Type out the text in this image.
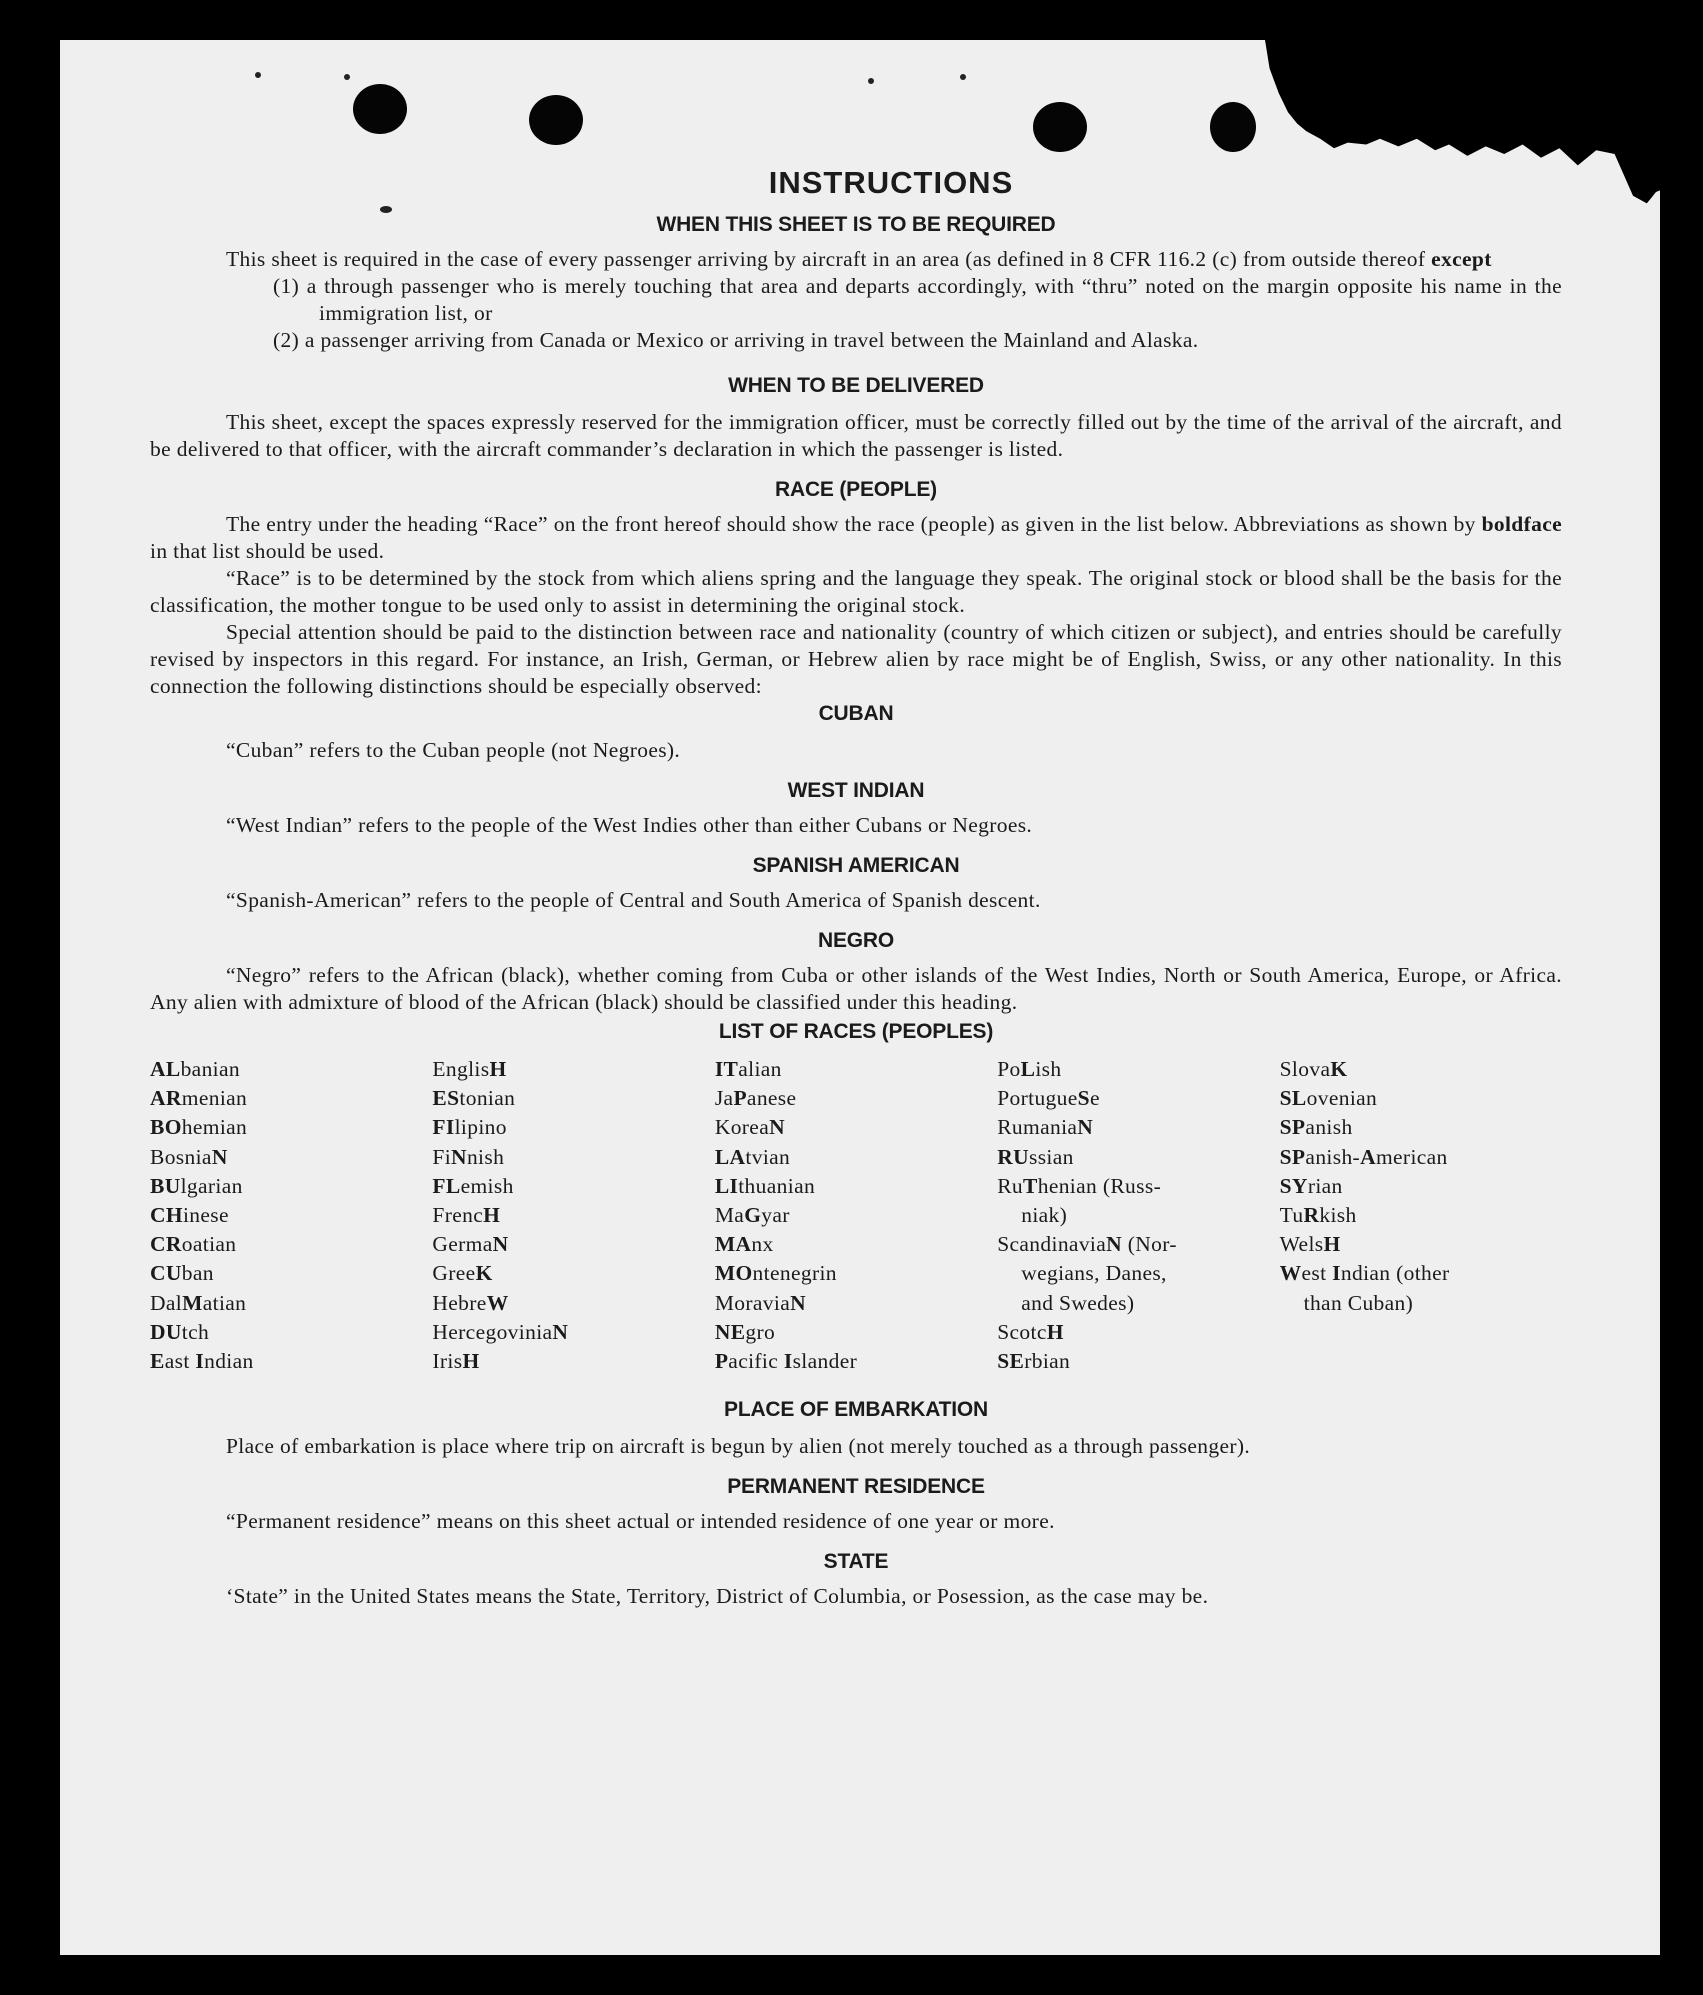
INSTRUCTIONS
WHEN THIS SHEET IS TO BE REQUIRED

This sheet is required in the case of every passenger arriving by aircraft in an area (as defined in 8 CFR 116.2 (c) from outside thereof except

(1) a through passenger who is merely touching that area and departs accordingly, with “thru” noted on the margin opposite his name in the immigration list, or

(2) a passenger arriving from Canada or Mexico or arriving in travel between the Mainland and Alaska.

WHEN TO BE DELIVERED

This sheet, except the spaces expressly reserved for the immigration officer, must be correctly filled out by the time of the arrival of the aircraft, and be delivered to that officer, with the aircraft commander’s declaration in which the passenger is listed.

RACE (PEOPLE)

The entry under the heading “Race” on the front hereof should show the race (people) as given in the list below. Abbreviations as shown by boldface in that list should be used.

“Race” is to be determined by the stock from which aliens spring and the language they speak. The original stock or blood shall be the basis for the classification, the mother tongue to be used only to assist in determining the original stock.

Special attention should be paid to the distinction between race and nationality (country of which citizen or subject), and entries should be carefully revised by inspectors in this regard. For instance, an Irish, German, or Hebrew alien by race might be of English, Swiss, or any other nationality. In this connection the following distinctions should be especially observed:

CUBAN

“Cuban” refers to the Cuban people (not Negroes).

WEST INDIAN

“West Indian” refers to the people of the West Indies other than either Cubans or Negroes.

SPANISH AMERICAN

“Spanish-American” refers to the people of Central and South America of Spanish descent.

NEGRO

“Negro” refers to the African (black), whether coming from Cuba or other islands of the West Indies, North or South America, Europe, or Africa. Any alien with admixture of blood of the African (black) should be classified under this heading.

LIST OF RACES (PEOPLES)

ALbanian

ARmenian

BOhemian

BosniaN

BUlgarian

CHinese

CRoatian

CUban

DalMatian

DUtch

East Indian

EnglisH

EStonian

FIlipino

FiNnish

FLemish

FrencH

GermaN

GreeK

HebreW

HercegoviniaN

IrisH

ITalian

JaPanese

KoreaN

LAtvian

LIthuanian

MaGyar

MAnx

MOntenegrin

MoraviaN

NEgro

Pacific Islander

PoLish

PortugueSe

RumaniaN

RUssian

RuThenian (Russ-

niak)

ScandinaviaN (Nor-

wegians, Danes,

and Swedes)

ScotcH

SErbian

SlovaK

SLovenian

SPanish

SPanish-American

SYrian

TuRkish

WelsH

West Indian (other

than Cuban)

PLACE OF EMBARKATION

Place of embarkation is place where trip on aircraft is begun by alien (not merely touched as a through passenger).

PERMANENT RESIDENCE

“Permanent residence” means on this sheet actual or intended residence of one year or more.

STATE

‘State” in the United States means the State, Territory, District of Columbia, or Posession, as the case may be.
